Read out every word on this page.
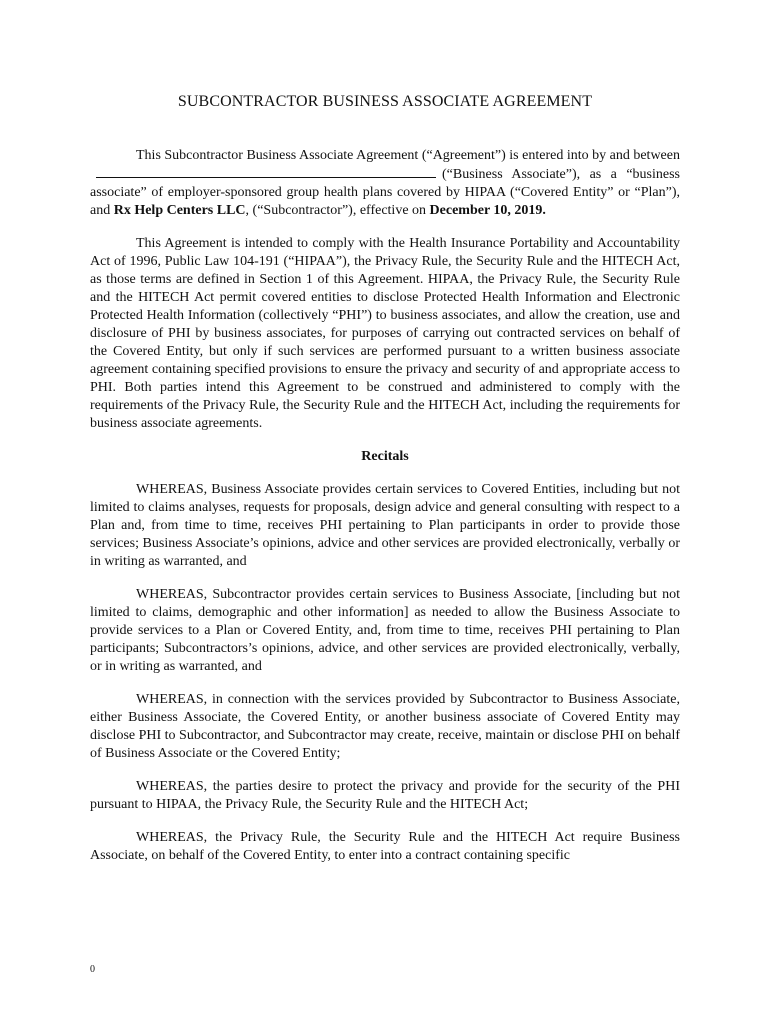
SUBCONTRACTOR BUSINESS ASSOCIATE AGREEMENT

This Subcontractor Business Associate Agreement (“Agreement”) is entered into by and between(“Business Associate”), as a “business associate” of employer-sponsored group health plans covered by HIPAA (“Covered Entity” or “Plan”), and Rx Help Centers LLC, (“Subcontractor”), effective on December 10, 2019.

This Agreement is intended to comply with the Health Insurance Portability and Accountability Act of 1996, Public Law 104-191 (“HIPAA”), the Privacy Rule, the Security Rule and the HITECH Act, as those terms are defined in Section 1 of this Agreement. HIPAA, the Privacy Rule, the Security Rule and the HITECH Act permit covered entities to disclose Protected Health Information and Electronic Protected Health Information (collectively “PHI”) to business associates, and allow the creation, use and disclosure of PHI by business associates, for purposes of carrying out contracted services on behalf of the Covered Entity, but only if such services are performed pursuant to a written business associate agreement containing specified provisions to ensure the privacy and security of and appropriate access to PHI. Both parties intend this Agreement to be construed and administered to comply with the requirements of the Privacy Rule, the Security Rule and the HITECH Act, including the requirements for business associate agreements.

Recitals

WHEREAS, Business Associate provides certain services to Covered Entities, including but not limited to claims analyses, requests for proposals, design advice and general consulting with respect to a Plan and, from time to time, receives PHI pertaining to Plan participants in order to provide those services; Business Associate’s opinions, advice and other services are provided electronically, verbally or in writing as warranted, and

WHEREAS, Subcontractor provides certain services to Business Associate, [including but not limited to claims, demographic and other information] as needed to allow the Business Associate to provide services to a Plan or Covered Entity, and, from time to time, receives PHI pertaining to Plan participants; Subcontractors’s opinions, advice, and other services are provided electronically, verbally, or in writing as warranted, and

WHEREAS, in connection with the services provided by Subcontractor to Business Associate, either Business Associate, the Covered Entity, or another business associate of Covered Entity may disclose PHI to Subcontractor, and Subcontractor may create, receive, maintain or disclose PHI on behalf of Business Associate or the Covered Entity;

WHEREAS, the parties desire to protect the privacy and provide for the security of the PHI pursuant to HIPAA, the Privacy Rule, the Security Rule and the HITECH Act;

WHEREAS, the Privacy Rule, the Security Rule and the HITECH Act require Business Associate, on behalf of the Covered Entity, to enter into a contract containing specific

0
